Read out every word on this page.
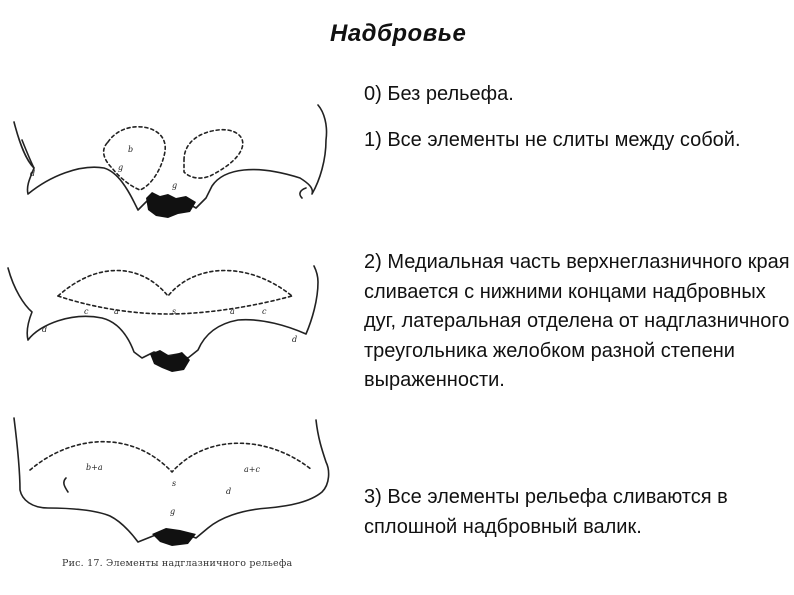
Надбровье
0) Без рельефа.
1) Все элементы не слиты между собой.
2) Медиальная часть верхнеглазничного края сливается с нижними концами надбровных дуг, латеральная отделена от надглазничного треугольника желобком разной степени выраженности.
3) Все элементы рельефа сливаются в сплошной надбровный валик.
d
b
g
g
d
c	a	s	a	c
d
b+a	a+c
s
g
d
Рис. 17. Элементы надглазничного рельефа
